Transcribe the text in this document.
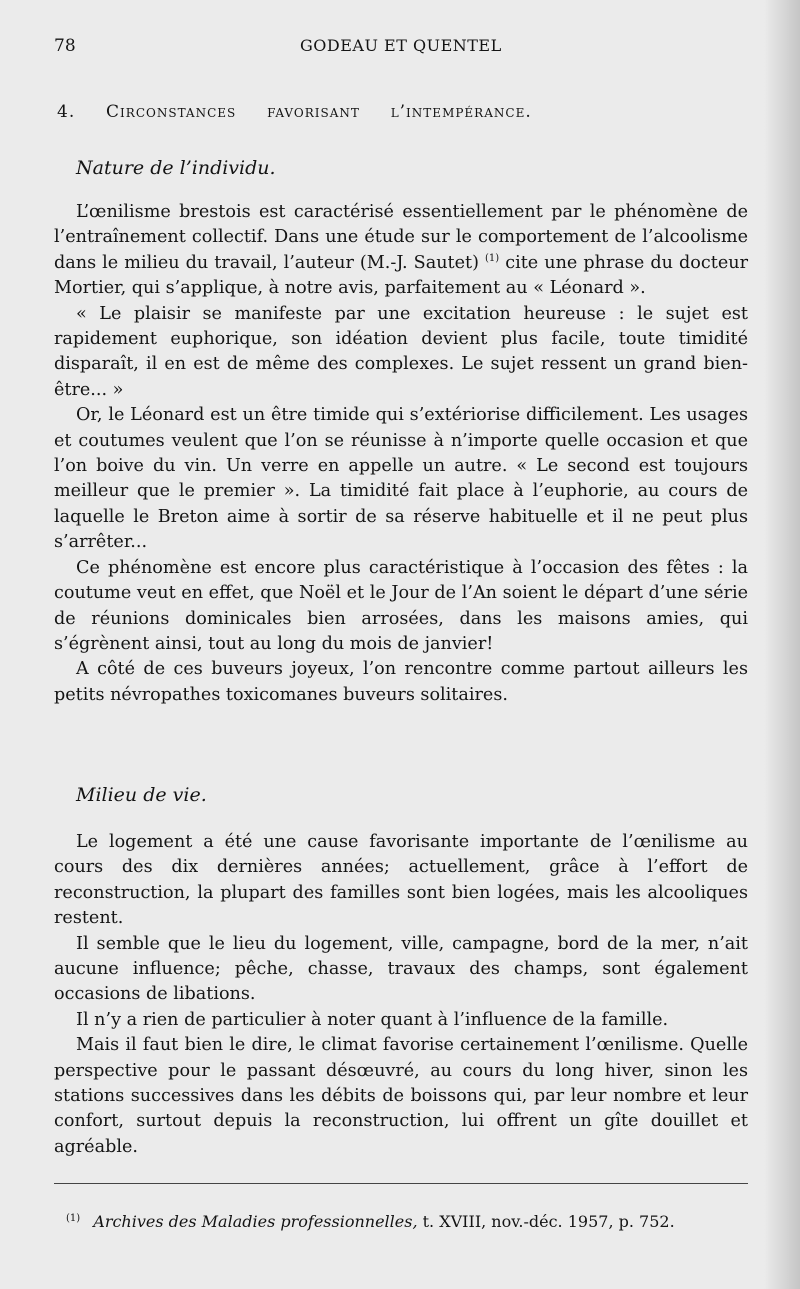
78	GODEAU ET QUENTEL
4. Circonstances favorisant l’intempérance.
Nature de l’individu.

L’œnilisme brestois est caractérisé essentiellement par le phénomène de l’entraînement collectif. Dans une étude sur le comportement de l’alcoolisme dans le milieu du travail, l’auteur (M.-J. Sautet) $^{(1)}$ cite une phrase du docteur Mortier, qui s’applique, à notre avis, parfaitement au « Léonard ».

« Le plaisir se manifeste par une excitation heureuse : le sujet est rapidement euphorique, son idéation devient plus facile, toute timidité disparaît, il en est de même des complexes. Le sujet ressent un grand bien-être... »

Or, le Léonard est un être timide qui s’extériorise difficilement. Les usages et coutumes veulent que l’on se réunisse à n’importe quelle occasion et que l’on boive du vin. Un verre en appelle un autre. « Le second est toujours meilleur que le premier ». La timidité fait place à l’euphorie, au cours de laquelle le Breton aime à sortir de sa réserve habituelle et il ne peut plus s’arrêter...

Ce phénomène est encore plus caractéristique à l’occasion des fêtes : la coutume veut en effet, que Noël et le Jour de l’An soient le départ d’une série de réunions dominicales bien arrosées, dans les maisons amies, qui s’égrènent ainsi, tout au long du mois de janvier!

A côté de ces buveurs joyeux, l’on rencontre comme partout ailleurs les petits névropathes toxicomanes buveurs solitaires.

Milieu de vie.

Le logement a été une cause favorisante importante de l’œnilisme au cours des dix dernières années; actuellement, grâce à l’effort de reconstruction, la plupart des familles sont bien logées, mais les alcooliques restent.

Il semble que le lieu du logement, ville, campagne, bord de la mer, n’ait aucune influence; pêche, chasse, travaux des champs, sont également occasions de libations.

Il n’y a rien de particulier à noter quant à l’influence de la famille.

Mais il faut bien le dire, le climat favorise certainement l’œnilisme. Quelle perspective pour le passant désœuvré, au cours du long hiver, sinon les stations successives dans les débits de boissons qui, par leur nombre et leur confort, surtout depuis la reconstruction, lui offrent un gîte douillet et agréable.

$^{(1)}$ Archives des Maladies professionnelles, t. XVIII, nov.-déc. 1957, p. 752.
